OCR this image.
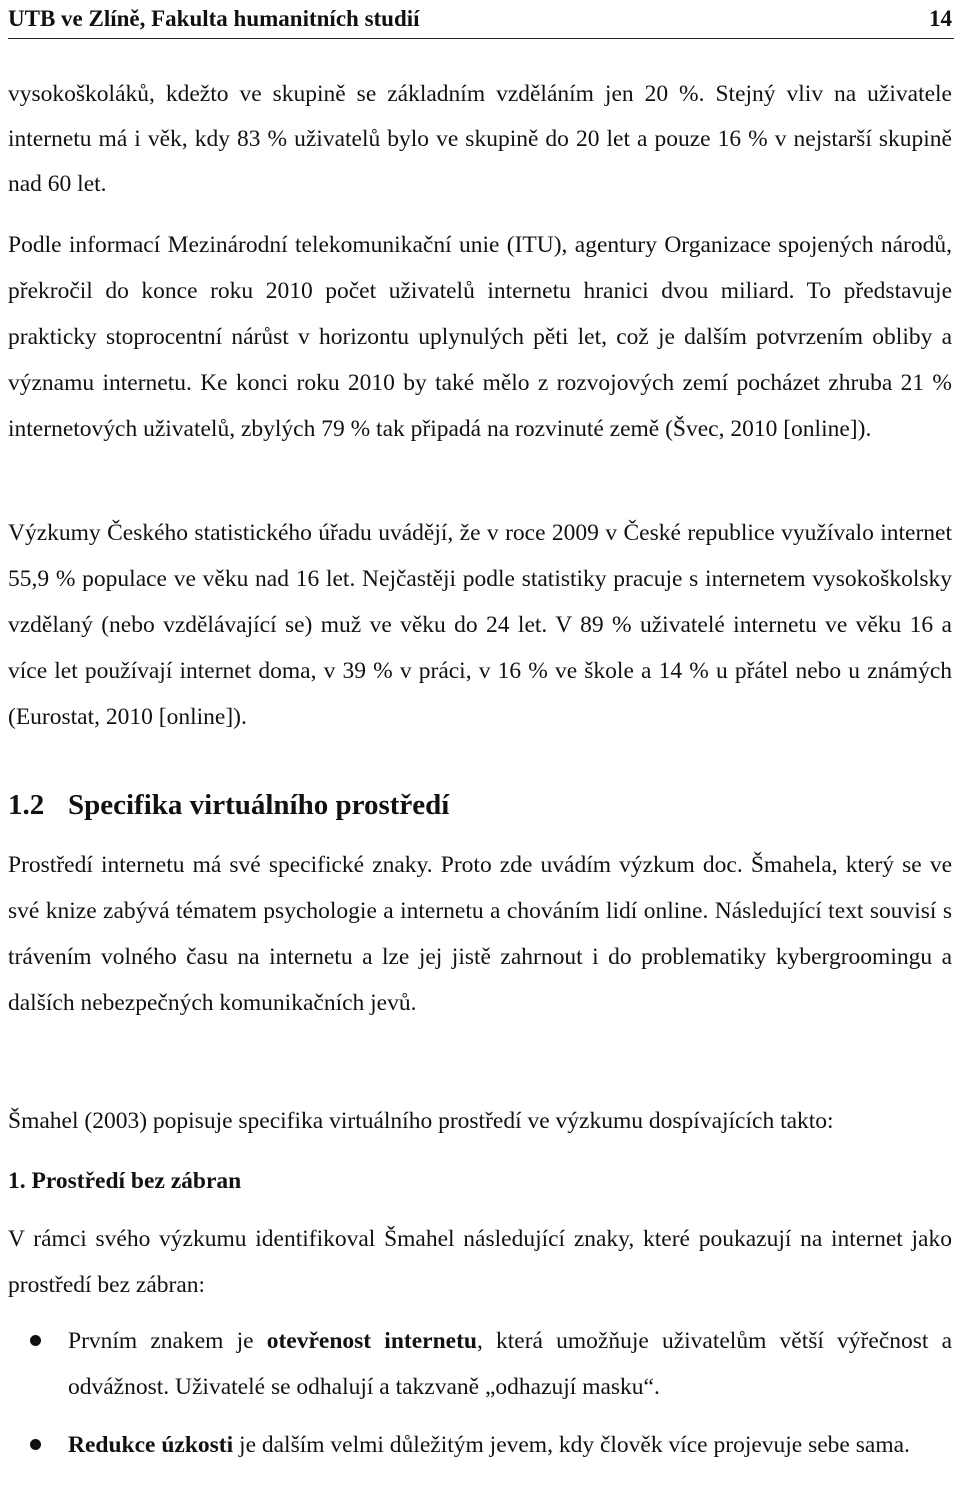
UTB ve Zlíně, Fakulta humanitních studií	14

vysokoškoláků, kdežto ve skupině se základním vzděláním jen 20 %. Stejný vliv na uživatele internetu má i věk, kdy 83 % uživatelů bylo ve skupině do 20 let a pouze 16 % v nejstarší skupině nad 60 let.

Podle informací Mezinárodní telekomunikační unie (ITU), agentury Organizace spojených národů, překročil do konce roku 2010 počet uživatelů internetu hranici dvou miliard. To představuje prakticky stoprocentní nárůst v horizontu uplynulých pěti let, což je dalším potvrzením obliby a významu internetu. Ke konci roku 2010 by také mělo z rozvojových zemí pocházet zhruba 21 % internetových uživatelů, zbylých 79 % tak připadá na rozvinuté země (Švec, 2010 [online]).

Výzkumy Českého statistického úřadu uvádějí, že v roce 2009 v České republice využívalo internet 55,9 % populace ve věku nad 16 let. Nejčastěji podle statistiky pracuje s internetem vysokoškolsky vzdělaný (nebo vzdělávající se) muž ve věku do 24 let. V 89 % uživatelé internetu ve věku 16 a více let používají internet doma, v 39 % v práci, v 16 % ve škole a 14 % u přátel nebo u známých (Eurostat, 2010 [online]).

1.2 Specifika virtuálního prostředí

Prostředí internetu má své specifické znaky. Proto zde uvádím výzkum doc. Šmahela, který se ve své knize zabývá tématem psychologie a internetu a chováním lidí online. Následující text souvisí s trávením volného času na internetu a lze jej jistě zahrnout i do problematiky kybergroomingu a dalších nebezpečných komunikačních jevů.

Šmahel (2003) popisuje specifika virtuálního prostředí ve výzkumu dospívajících takto:

1. Prostředí bez zábran

V rámci svého výzkumu identifikoval Šmahel následující znaky, které poukazují na internet jako prostředí bez zábran:

Prvním znakem je otevřenost internetu, která umožňuje uživatelům větší výřečnost a odvážnost. Uživatelé se odhalují a takzvaně „odhazují masku“.
Redukce úzkosti je dalším velmi důležitým jevem, kdy člověk více projevuje sebe sama.
